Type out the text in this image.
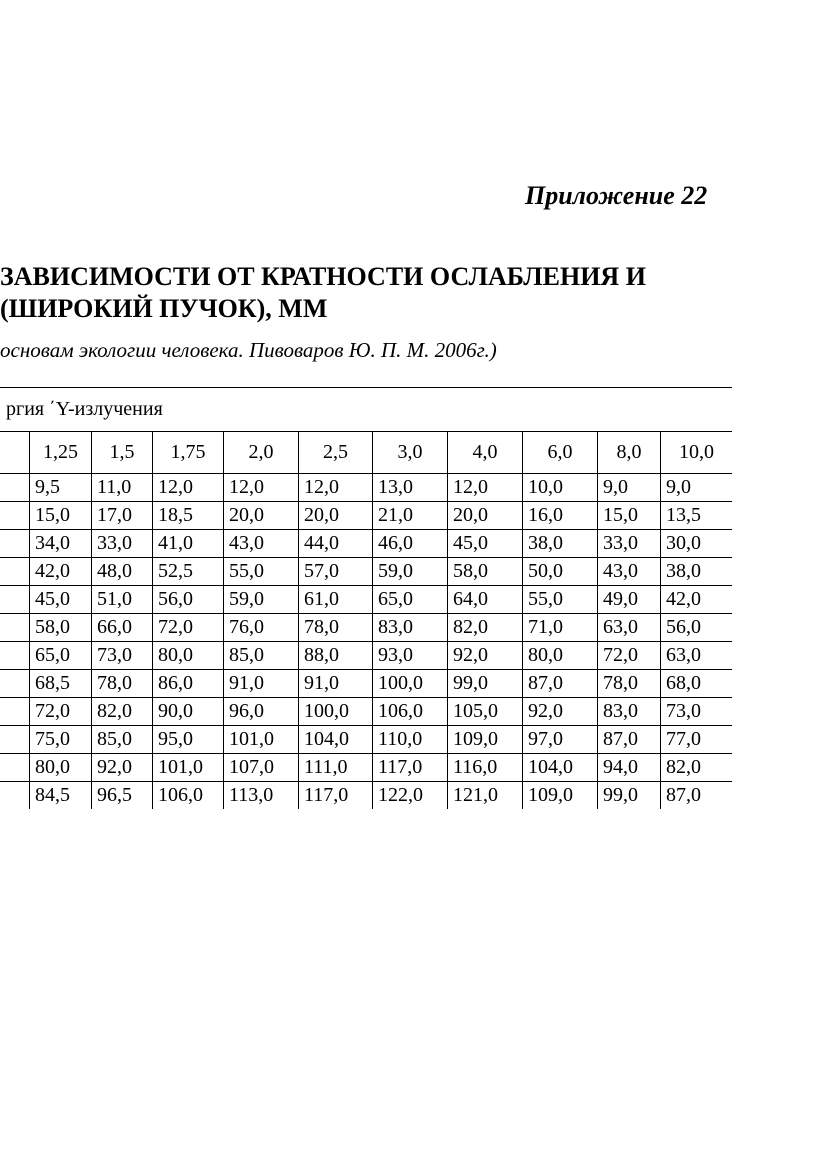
Приложение 22
ЗАВИСИМОСТИ ОТ КРАТНОСТИ ОСЛАБЛЕНИЯ И
(ШИРОКИЙ ПУЧОК), ММ
основам экологии человека. Пивоваров Ю. П. М. 2006г.)
ргия ΄Y-излучения										
	1,25	1,5	1,75	2,0	2,5	3,0	4,0	6,0	8,0	10,0
	9,5	11,0	12,0	12,0	12,0	13,0	12,0	10,0	9,0	9,0
	15,0	17,0	18,5	20,0	20,0	21,0	20,0	16,0	15,0	13,5
	34,0	33,0	41,0	43,0	44,0	46,0	45,0	38,0	33,0	30,0
	42,0	48,0	52,5	55,0	57,0	59,0	58,0	50,0	43,0	38,0
	45,0	51,0	56,0	59,0	61,0	65,0	64,0	55,0	49,0	42,0
	58,0	66,0	72,0	76,0	78,0	83,0	82,0	71,0	63,0	56,0
	65,0	73,0	80,0	85,0	88,0	93,0	92,0	80,0	72,0	63,0
	68,5	78,0	86,0	91,0	91,0	100,0	99,0	87,0	78,0	68,0
	72,0	82,0	90,0	96,0	100,0	106,0	105,0	92,0	83,0	73,0
	75,0	85,0	95,0	101,0	104,0	110,0	109,0	97,0	87,0	77,0
	80,0	92,0	101,0	107,0	111,0	117,0	116,0	104,0	94,0	82,0
	84,5	96,5	106,0	113,0	117,0	122,0	121,0	109,0	99,0	87,0
